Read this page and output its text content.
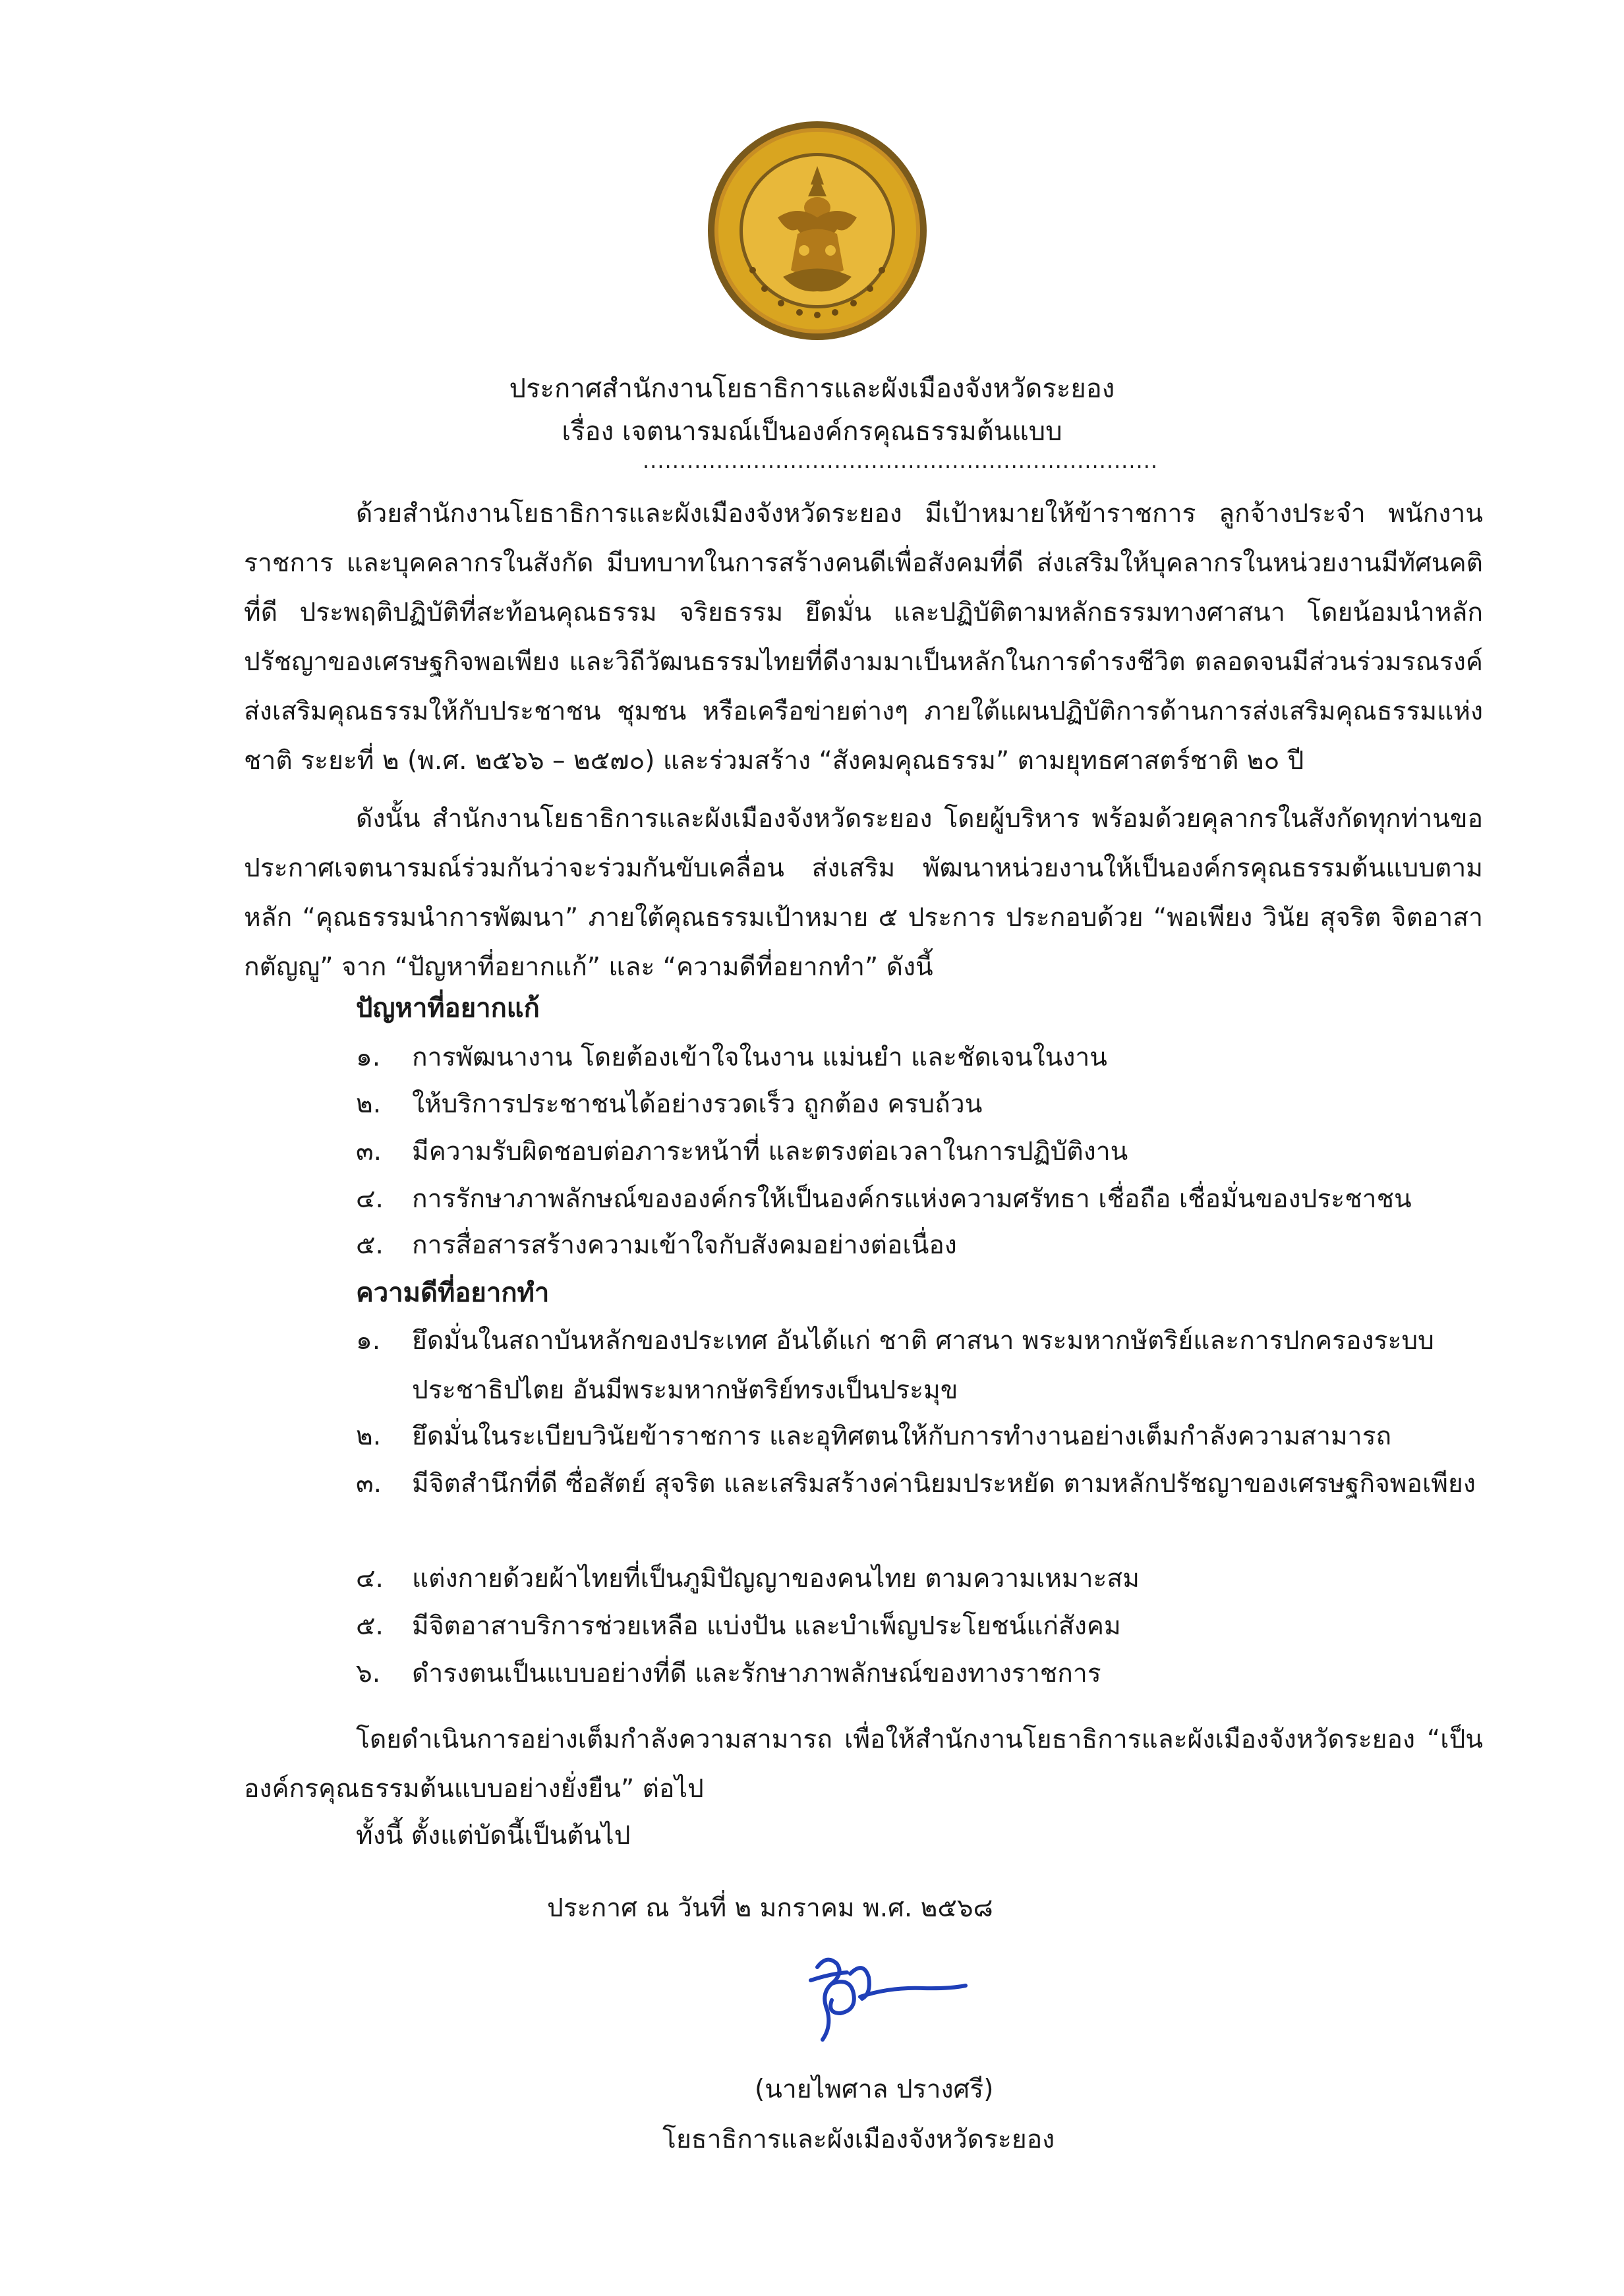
ประกาศสำนักงานโยธาธิการและผังเมืองจังหวัดระยอง
เรื่อง เจตนารมณ์เป็นองค์กรคุณธรรมต้นแบบ
......................................................................
ด้วยสำนักงานโยธาธิการและผังเมืองจังหวัดระยอง มีเป้าหมายให้ข้าราชการ ลูกจ้างประจำ พนักงานราชการ และบุคคลากรในสังกัด มีบทบาทในการสร้างคนดีเพื่อสังคมที่ดี ส่งเสริมให้บุคลากรในหน่วยงานมีทัศนคติที่ดี ประพฤติปฏิบัติที่สะท้อนคุณธรรม จริยธรรม ยึดมั่น และปฏิบัติตามหลักธรรมทางศาสนา โดยน้อมนำหลักปรัชญาของเศรษฐกิจพอเพียง และวิถีวัฒนธรรมไทยที่ดีงามมาเป็นหลักในการดำรงชีวิต ตลอดจนมีส่วนร่วมรณรงค์ส่งเสริมคุณธรรมให้กับประชาชน ชุมชน หรือเครือข่ายต่างๆ ภายใต้แผนปฏิบัติการด้านการส่งเสริมคุณธรรมแห่งชาติ ระยะที่ ๒ (พ.ศ. ๒๕๖๖ – ๒๕๗๐) และร่วมสร้าง “สังคมคุณธรรม” ตามยุทธศาสตร์ชาติ ๒๐ ปี
ดังนั้น สำนักงานโยธาธิการและผังเมืองจังหวัดระยอง โดยผู้บริหาร พร้อมด้วยคุลากรในสังกัดทุกท่านขอประกาศเจตนารมณ์ร่วมกันว่าจะร่วมกันขับเคลื่อน ส่งเสริม พัฒนาหน่วยงานให้เป็นองค์กรคุณธรรมต้นแบบตามหลัก “คุณธรรมนำการพัฒนา” ภายใต้คุณธรรมเป้าหมาย ๕ ประการ ประกอบด้วย “พอเพียง วินัย สุจริต จิตอาสากตัญญู” จาก “ปัญหาที่อยากแก้” และ “ความดีที่อยากทำ” ดังนี้
ปัญหาที่อยากแก้
๑. การพัฒนางาน โดยต้องเข้าใจในงาน แม่นยำ และชัดเจนในงาน
๒. ให้บริการประชาชนได้อย่างรวดเร็ว ถูกต้อง ครบถ้วน
๓. มีความรับผิดชอบต่อภาระหน้าที่ และตรงต่อเวลาในการปฏิบัติงาน
๔. การรักษาภาพลักษณ์ขององค์กรให้เป็นองค์กรแห่งความศรัทธา เชื่อถือ เชื่อมั่นของประชาชน
๕. การสื่อสารสร้างความเข้าใจกับสังคมอย่างต่อเนื่อง
ความดีที่อยากทำ
๑. ยึดมั่นในสถาบันหลักของประเทศ อันได้แก่ ชาติ ศาสนา พระมหากษัตริย์และการปกครองระบบประชาธิปไตย อันมีพระมหากษัตริย์ทรงเป็นประมุข
๒. ยึดมั่นในระเบียบวินัยข้าราชการ และอุทิศตนให้กับการทำงานอย่างเต็มกำลังความสามารถ
๓. มีจิตสำนึกที่ดี ซื่อสัตย์ สุจริต และเสริมสร้างค่านิยมประหยัด ตามหลักปรัชญาของเศรษฐกิจพอเพียง
๔. แต่งกายด้วยผ้าไทยที่เป็นภูมิปัญญาของคนไทย ตามความเหมาะสม
๕. มีจิตอาสาบริการช่วยเหลือ แบ่งปัน และบำเพ็ญประโยชน์แก่สังคม
๖. ดำรงตนเป็นแบบอย่างที่ดี และรักษาภาพลักษณ์ของทางราชการ
โดยดำเนินการอย่างเต็มกำลังความสามารถ เพื่อให้สำนักงานโยธาธิการและผังเมืองจังหวัดระยอง “เป็นองค์กรคุณธรรมต้นแบบอย่างยั่งยืน” ต่อไป
ทั้งนี้ ตั้งแต่บัดนี้เป็นต้นไป
ประกาศ ณ วันที่ ๒ มกราคม พ.ศ. ๒๕๖๘
(นายไพศาล ปรางศรี)
โยธาธิการและผังเมืองจังหวัดระยอง
